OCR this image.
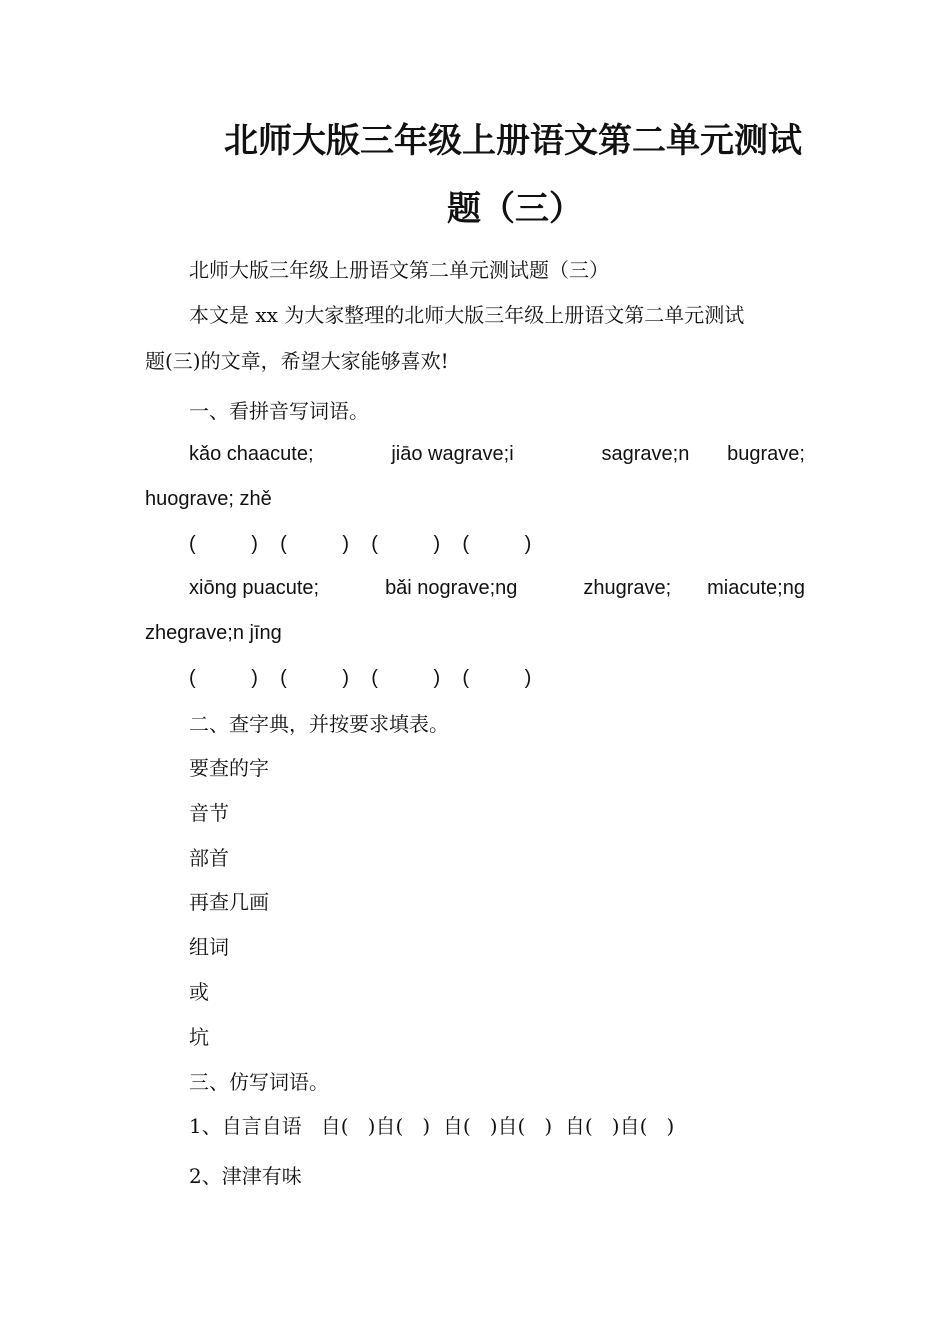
北师大版三年级上册语文第二单元测试
题（三）
北师大版三年级上册语文第二单元测试题（三）
本文是 xx 为大家整理的北师大版三年级上册语文第二单元测试
题(三)的文章，希望大家能够喜欢!
一、看拼音写词语。
kǎo chaacute;	jiāo wagrave;i	sagrave;n bugrave;
huograve; zhě
(          )    (          )    (          )    (          )
xiōng puacute;	bǎi nograve;ng	zhugrave; miacute;ng
zhegrave;n jīng
(          )    (          )    (          )    (          )
二、查字典，并按要求填表。
要查的字
音节
部首
再查几画
组词
或
坑
三、仿写词语。
1、自言自语   自(   )自(   )  自(   )自(   )  自(   )自(   )
2、津津有味
